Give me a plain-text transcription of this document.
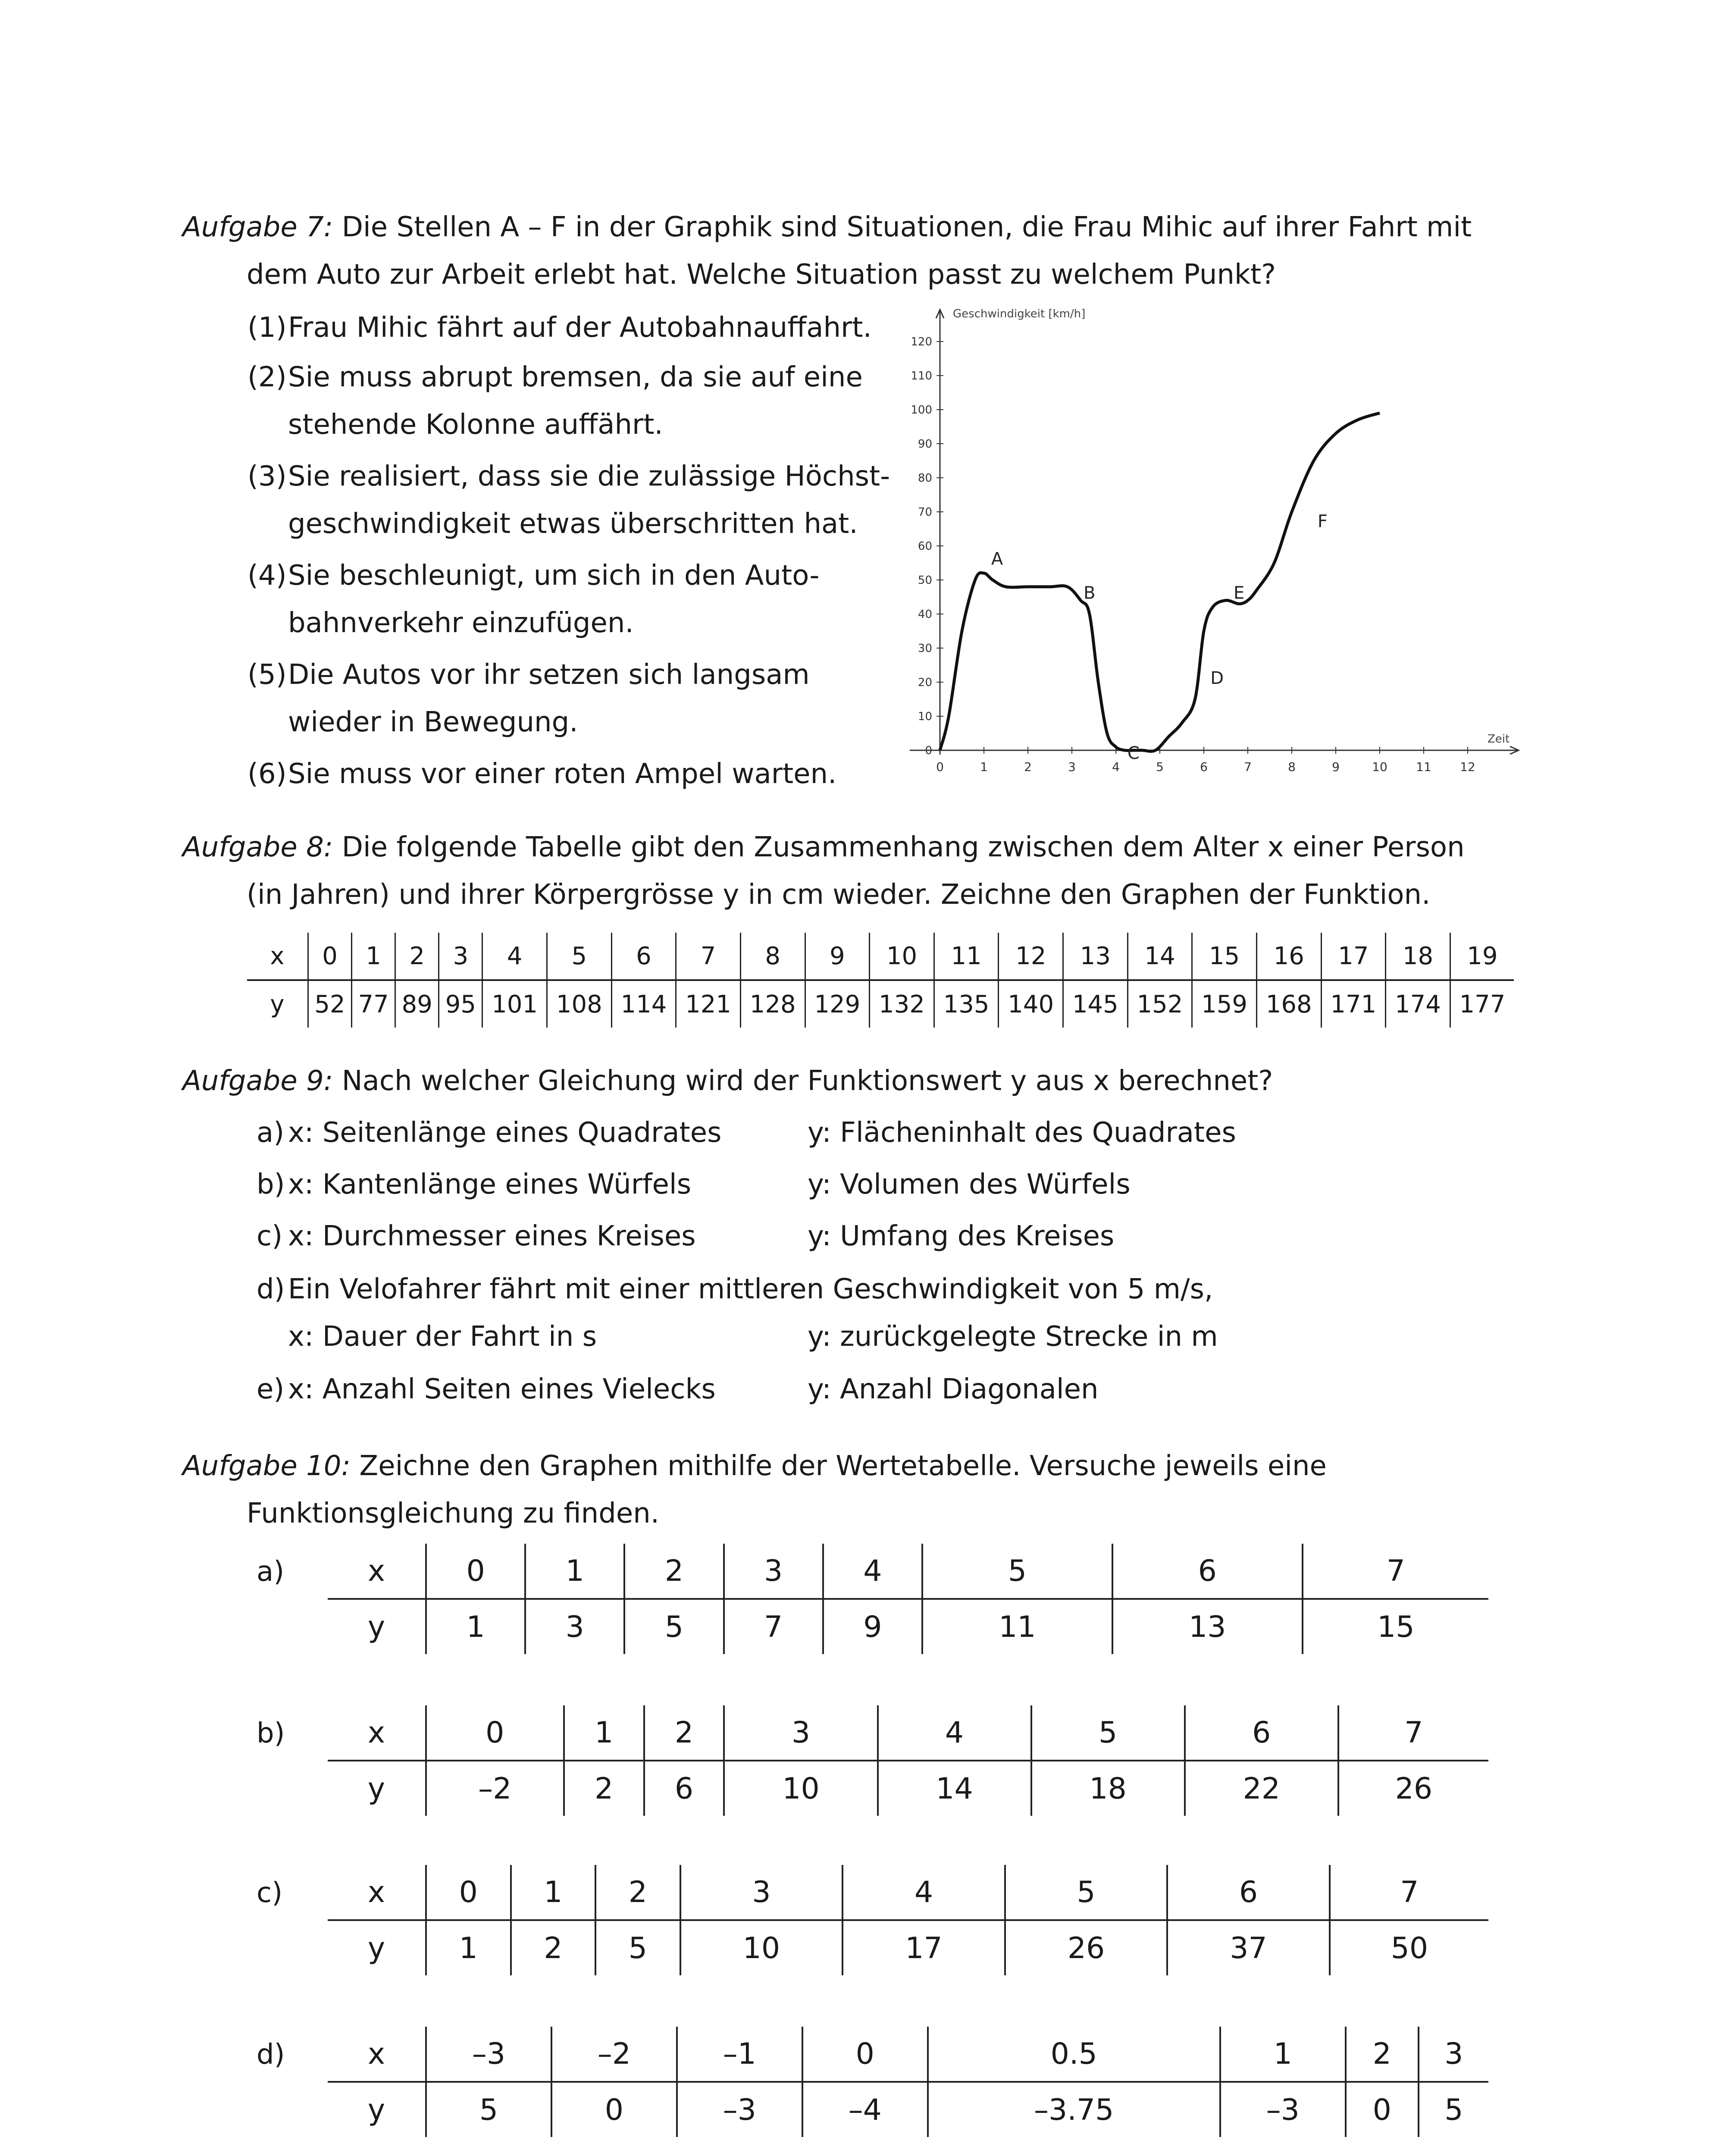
Aufgabe 7: Die Stellen A – F in der Graphik sind Situationen, die Frau Mihic auf ihrer Fahrt mit
dem Auto zur Arbeit erlebt hat. Welche Situation passt zu welchem Punkt?
(1) Frau Mihic fährt auf der Autobahnauffahrt.
(2) Sie muss abrupt bremsen, da sie auf eine
stehende Kolonne auffährt.
(3) Sie realisiert, dass sie die zulässige Höchst-
geschwindigkeit etwas überschritten hat.
(4) Sie beschleunigt, um sich in den Auto-
bahnverkehr einzufügen.
(5) Die Autos vor ihr setzen sich langsam
wieder in Bewegung.
(6) Sie muss vor einer roten Ampel warten.
0
10
20
30
40
50
60
70
80
90
100
110
120
0	1	2	3	4	5	6	7	8	9	10 11 12
A
B
C
D
E
F
Geschwindigkeit [km/h]
Zeit
Aufgabe 8: Die folgende Tabelle gibt den Zusammenhang zwischen dem Alter x einer Person
(in Jahren) und ihrer Körpergrösse y in cm wieder. Zeichne den Graphen der Funktion.
x	0	1	2	3	4	5	6	7	8	9	10	11	12	13	14	15	16	17	18	19
y	52	77	89	95	101	108	114	121	128	129	132	135	140	145	152	159	168	171	174	177
Aufgabe 9: Nach welcher Gleichung wird der Funktionswert y aus x berechnet?
a) x: Seitenlänge eines Quadrates	y: Flächeninhalt des Quadrates
b) x: Kantenlänge eines Würfels	y: Volumen des Würfels
c) x: Durchmesser eines Kreises	y: Umfang des Kreises
d) Ein Velofahrer fährt mit einer mittleren Geschwindigkeit von 5 m/s,
x: Dauer der Fahrt in s	y: zurückgelegte Strecke in m
e) x: Anzahl Seiten eines Vielecks	y: Anzahl Diagonalen
Aufgabe 10: Zeichne den Graphen mithilfe der Wertetabelle. Versuche jeweils eine
Funktionsgleichung zu finden.
a)	x	0	1	2	3	4	5	6	7
y	1	3	5	7	9	11	13	15
b)	x	0	1	2	3	4	5	6	7
y	–2	2	6	10	14	18	22	26
c)	x	0	1	2	3	4	5	6	7
y	1	2	5	10	17	26	37	50
d)	x	–3	–2	–1	0	0.5	1	2	3
y	5	0	–3	–4	–3.75	–3	0	5
